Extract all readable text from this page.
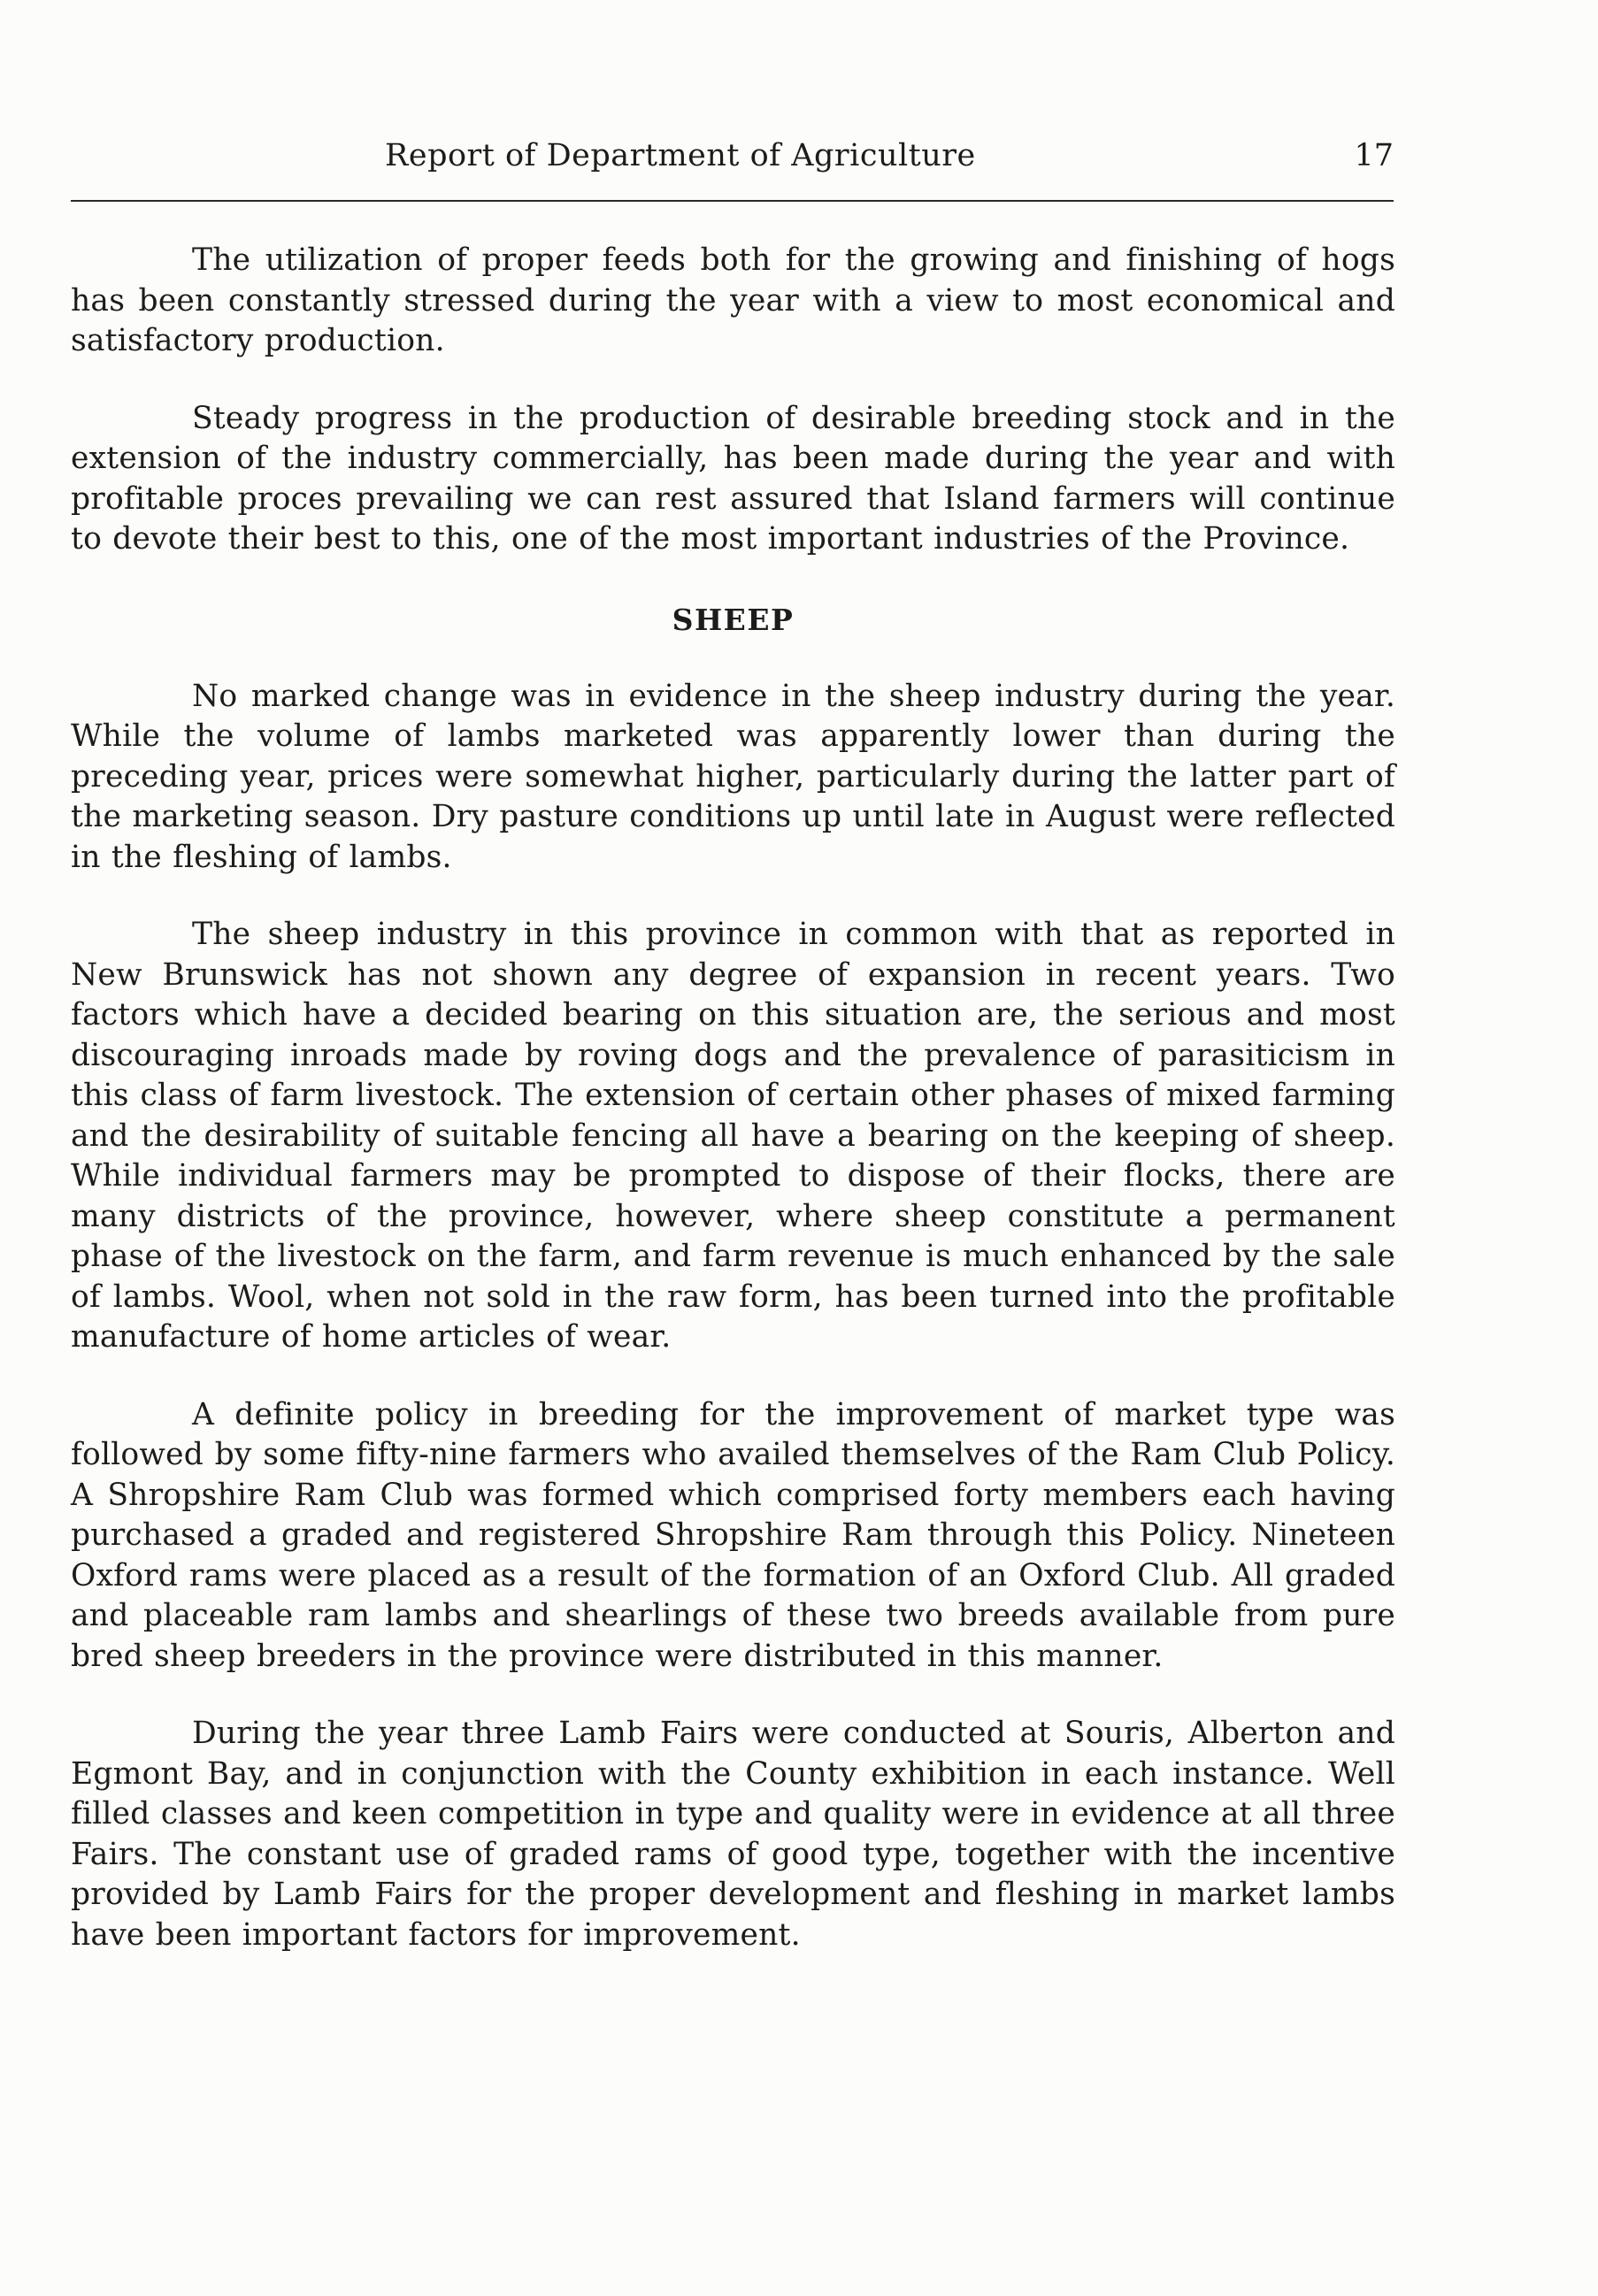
Report of Department of Agriculture	17

The utilization of proper feeds both for the growing and finishing of hogs has been constantly stressed during the year with a view to most economical and satisfactory production.

Steady progress in the production of desirable breeding stock and in the extension of the industry commercially, has been made during the year and with profitable proces prevailing we can rest assured that Island farmers will continue to devote their best to this, one of the most important industries of the Province.

SHEEP

No marked change was in evidence in the sheep industry during the year. While the volume of lambs marketed was apparently lower than during the preceding year, prices were somewhat higher, particularly during the latter part of the marketing season. Dry pasture conditions up until late in August were reflected in the fleshing of lambs.

The sheep industry in this province in common with that as reported in New Brunswick has not shown any degree of expansion in recent years. Two factors which have a decided bearing on this situation are, the serious and most discouraging inroads made by roving dogs and the prevalence of parasiticism in this class of farm livestock. The extension of certain other phases of mixed farming and the desirability of suitable fencing all have a bearing on the keeping of sheep. While individual farmers may be prompted to dispose of their flocks, there are many districts of the province, however, where sheep constitute a permanent phase of the livestock on the farm, and farm revenue is much enhanced by the sale of lambs. Wool, when not sold in the raw form, has been turned into the profitable manufacture of home articles of wear.

A definite policy in breeding for the improvement of market type was followed by some fifty-nine farmers who availed themselves of the Ram Club Policy. A Shropshire Ram Club was formed which comprised forty members each having purchased a graded and registered Shropshire Ram through this Policy. Nineteen Oxford rams were placed as a result of the formation of an Oxford Club. All graded and placeable ram lambs and shearlings of these two breeds available from pure bred sheep breeders in the province were distributed in this manner.

During the year three Lamb Fairs were conducted at Souris, Alberton and Egmont Bay, and in conjunction with the County exhibition in each instance. Well filled classes and keen competition in type and quality were in evidence at all three Fairs. The constant use of graded rams of good type, together with the incentive provided by Lamb Fairs for the proper development and fleshing in market lambs have been important factors for improvement.
